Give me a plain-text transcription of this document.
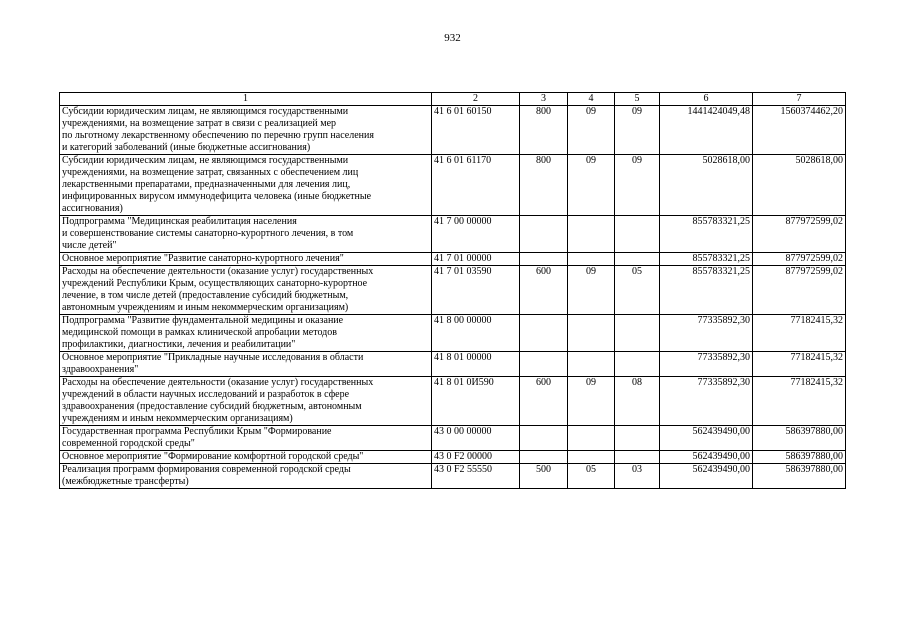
932
1	2	3	4	5	6	7
Субсидии юридическим лицам, не являющимся государственными
учреждениями, на возмещение затрат в связи с реализацией мер
по льготному лекарственному обеспечению по перечню групп населения
и категорий заболеваний (иные бюджетные ассигнования)	41 6 01 60150	800	09	09	1441424049,48	1560374462,20
Субсидии юридическим лицам, не являющимся государственными
учреждениями, на возмещение затрат, связанных с обеспечением лиц
лекарственными препаратами, предназначенными для лечения лиц,
инфицированных вирусом иммунодефицита человека (иные бюджетные
ассигнования)	41 6 01 61170	800	09	09	5028618,00	5028618,00
Подпрограмма "Медицинская реабилитация населения
и совершенствование системы санаторно-курортного лечения, в том
числе детей"	41 7 00 00000				855783321,25	877972599,02
Основное мероприятие "Развитие санаторно-курортного лечения"	41 7 01 00000				855783321,25	877972599,02
Расходы на обеспечение деятельности (оказание услуг) государственных
учреждений Республики Крым, осуществляющих санаторно-курортное
лечение, в том числе детей (предоставление субсидий бюджетным,
автономным учреждениям и иным некоммерческим организациям)	41 7 01 03590	600	09	05	855783321,25	877972599,02
Подпрограмма "Развитие фундаментальной медицины и оказание
медицинской помощи в рамках клинической апробации методов
профилактики, диагностики, лечения и реабилитации"	41 8 00 00000				77335892,30	77182415,32
Основное мероприятие "Прикладные научные исследования в области
здравоохранения"	41 8 01 00000				77335892,30	77182415,32
Расходы на обеспечение деятельности (оказание услуг) государственных
учреждений в области научных исследований и разработок в сфере
здравоохранения (предоставление субсидий бюджетным, автономным
учреждениям и иным некоммерческим организациям)	41 8 01 0И590	600	09	08	77335892,30	77182415,32
Государственная программа Республики Крым "Формирование
современной городской среды"	43 0 00 00000				562439490,00	586397880,00
Основное мероприятие "Формирование комфортной городской среды"	43 0 F2 00000				562439490,00	586397880,00
Реализация программ формирования современной городской среды
(межбюджетные трансферты)	43 0 F2 55550	500	05	03	562439490,00	586397880,00
